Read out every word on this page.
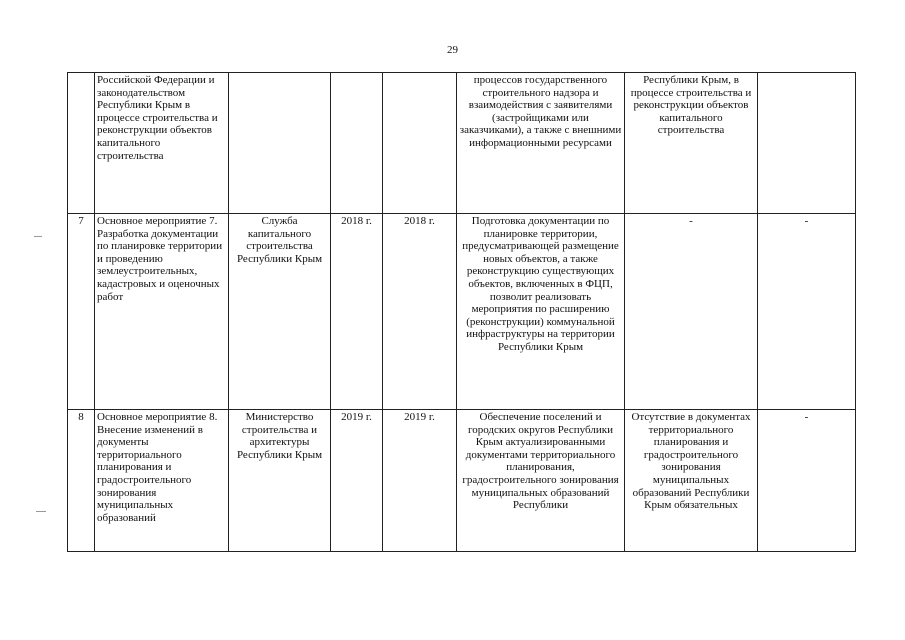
29

	Российской Федерации и законодательством Республики Крым в процессе строительства и реконструкции объектов капитального строительства				процессов государственного строительного надзора и взаимодействия с заявителями (застройщиками или заказчиками), а также с внешними информационными ресурсами	Республики Крым, в процессе строительства и реконструкции объектов капитального строительства	

7	Основное мероприятие 7. Разработка документации по планировке территории и проведению землеустроительных, кадастровых и оценочных работ	Служба капитального строительства Республики Крым	2018 г.	2018 г.	Подготовка документации по планировке территории, предусматривающей размещение новых объектов, а также реконструкцию существующих объектов, включенных в ФЦП, позволит реализовать мероприятия по расширению (реконструкции) коммунальной инфраструктуры на территории Республики Крым	-	-
8	Основное мероприятие 8. Внесение изменений в документы территориального планирования и градостроительного зонирования муниципальных образований	Министерство строительства и архитектуры Республики Крым	2019 г.	2019 г.	Обеспечение поселений и городских округов Республики Крым актуализированными документами территориального планирования, градостроительного зонирования муниципальных образований Республики	Отсутствие в документах территориального планирования и градостроительного зонирования муниципальных образований Республики Крым обязательных	-
